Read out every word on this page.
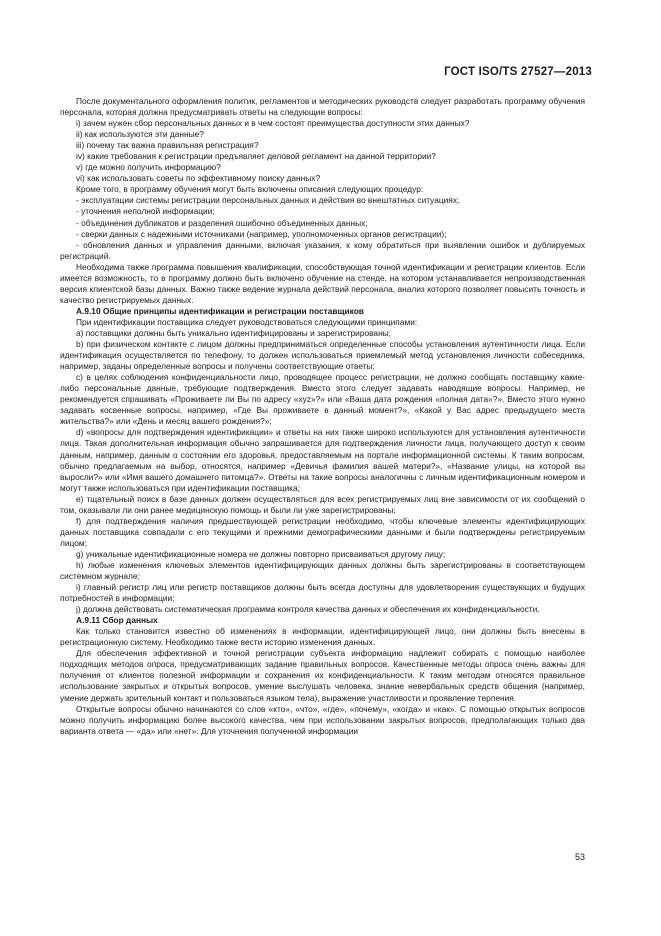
ГОСТ ISO/TS 27527—2013

После документального оформления политик, регламентов и методических руководств следует разработать программу обучения персонала, которая должна предусматривать ответы на следующие вопросы:

i) зачем нужен сбор персональных данных и в чем состоят преимущества доступности этих данных?

ii) как используются эти данные?

iii) почему так важна правильная регистрация?

iv) какие требования к регистрации предъявляет деловой регламент на данной территории?

v) где можно получить информацию?

vi) как использовать советы по эффективному поиску данных?

Кроме того, в программу обучения могут быть включены описания следующих процедур:

- эксплуатации системы регистрации персональных данных и действия во внештатных ситуациях;

- уточнения неполной информации;

- объединения дубликатов и разделения ошибочно объединенных данных;

- сверки данных с надежными источниками (например, уполномоченных органов регистрации);

- обновления данных и управления данными, включая указания, к кому обратиться при выявлении ошибок и дублируемых регистраций.

Необходима также программа повышения квалификации, способствующая точной идентификации и регистрации клиентов. Если имеется возможность, то в программу должно быть включено обучение на стенде, на котором устанавливается непроизводственная версия клиентской базы данных. Важно также ведение журнала действий персонала, анализ которого позволяет повысить точность и качество регистрируемых данных.

А.9.10 Общие принципы идентификации и регистрации поставщиков

При идентификации поставщика следует руководствоваться следующими принципами:

a) поставщики должны быть уникально идентифицированы и зарегистрированы;

b) при физическом контакте с лицом должны предприниматься определенные способы установления аутентичности лица. Если идентификация осуществляется по телефону, то должен использоваться приемлемый метод установления личности собеседника, например, заданы определенные вопросы и получены соответствующие ответы;

c) в целях соблюдения конфиденциальности лицо, проводящее процесс регистрации, не должно сообщать поставщику какие-либо персональные данные, требующие подтверждения. Вместо этого следует задавать наводящие вопросы. Например, не рекомендуется спрашивать «Проживаете ли Вы по адресу «xyz»?» или «Ваша дата рождения «полная дата»?». Вместо этого нужно задавать косвенные вопросы, например, «Где Вы проживаете в данный момент?», «Какой у Вас адрес предыдущего места жительства?» или «День и месяц вашего рождения?»;

d) «вопросы для подтверждения идентификации» и ответы на них также широко используются для установления аутентичности лица. Такая дополнительная информация обычно запрашивается для подтверждения личности лица, получающего доступ к своим данным, например, данным о состоянии его здоровья, предоставляемым на портале информационной системы. К таким вопросам, обычно предлагаемым на выбор, относятся, например «Девичья фамилия вашей матери?», «Название улицы, на которой вы выросли?» или «Имя вашего домашнего питомца?». Ответы на такие вопросы аналогичны с личным идентификационным номером и могут также использоваться при идентификации поставщика;

e) тщательный поиск в базе данных должен осуществляться для всех регистрируемых лиц вне зависимости от их сообщений о том, оказывали ли они ранее медицинскую помощь и были ли уже зарегистрированы;

f) для подтверждения наличия предшествующей регистрации необходимо, чтобы ключевые элементы идентифицирующих данных поставщика совпадали с его текущими и прежними демографическими данными и были подтверждены регистрируемым лицом;

g) уникальные идентификационные номера не должны повторно присваиваться другому лицу;

h) любые изменения ключевых элементов идентифицирующих данных должны быть зарегистрированы в соответствующем системном журнале;

i) главный регистр лиц или регистр поставщиков должны быть всегда доступны для удовлетворения существующих и будущих потребностей в информации;

j) должна действовать систематическая программа контроля качества данных и обеспечения их конфиденциальности.

А.9.11 Сбор данных

Как только становится известно об изменениях в информации, идентифицирующей лицо, они должны быть внесены в регистрационную систему. Необходимо также вести историю изменения данных.

Для обеспечения эффективной и точной регистрации субъекта информацию надлежит собирать с помощью наиболее подходящих методов опроса, предусматривающих задание правильных вопросов. Качественные методы опроса очень важны для получения от клиентов полезной информации и сохранения их конфиденциальности. К таким методам относятся правильное использование закрытых и открытых вопросов, умение выслушать человека, знание невербальных средств общения (например, умение держать зрительный контакт и пользоваться языком тела), выражение участливости и проявление терпения.

Открытые вопросы обычно начинаются со слов «кто», «что», «где», «почему», «когда» и «как». С помощью открытых вопросов можно получить информацию более высокого качества, чем при использовании закрытых вопросов, предполагающих только два варианта ответа — «да» или «нет». Для уточнения полученной информации

53
